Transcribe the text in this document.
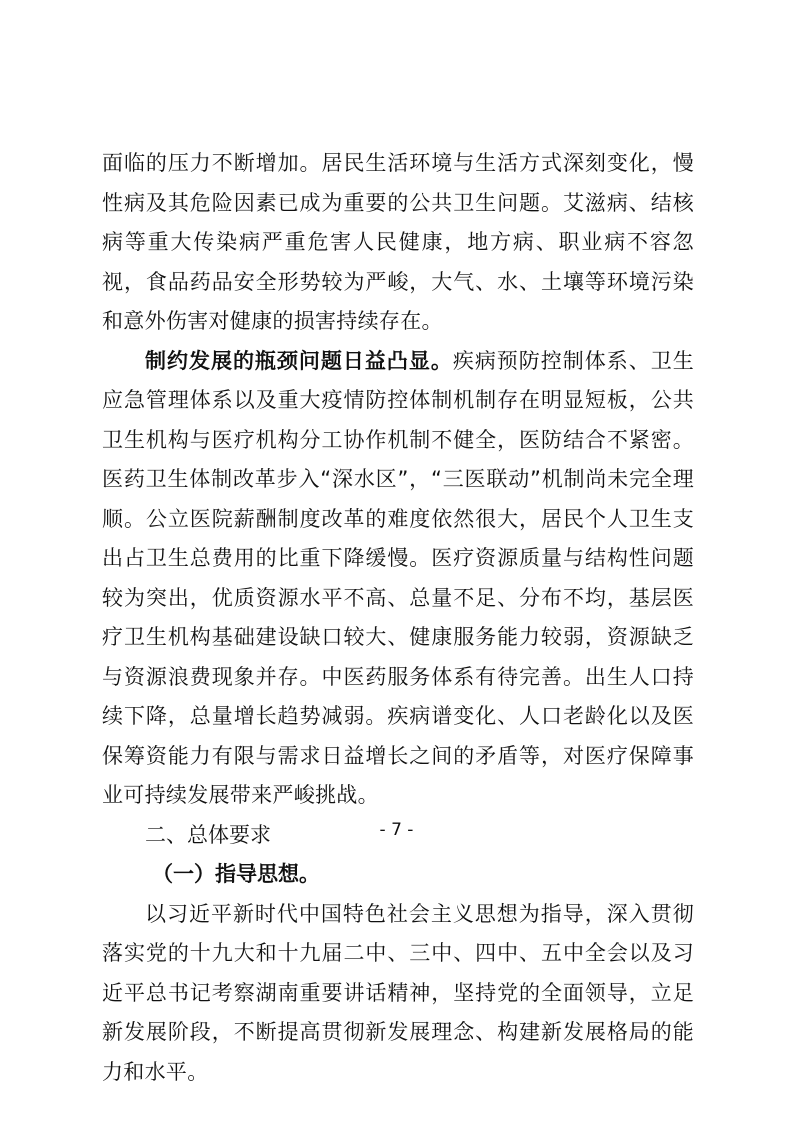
面临的压力不断增加。居民生活环境与生活方式深刻变化，慢性病及其危险因素已成为重要的公共卫生问题。艾滋病、结核病等重大传染病严重危害人民健康，地方病、职业病不容忽视，食品药品安全形势较为严峻，大气、水、土壤等环境污染和意外伤害对健康的损害持续存在。

制约发展的瓶颈问题日益凸显。疾病预防控制体系、卫生应急管理体系以及重大疫情防控体制机制存在明显短板，公共卫生机构与医疗机构分工协作机制不健全，医防结合不紧密。医药卫生体制改革步入“深水区”，“三医联动”机制尚未完全理顺。公立医院薪酬制度改革的难度依然很大，居民个人卫生支出占卫生总费用的比重下降缓慢。医疗资源质量与结构性问题较为突出，优质资源水平不高、总量不足、分布不均，基层医疗卫生机构基础建设缺口较大、健康服务能力较弱，资源缺乏与资源浪费现象并存。中医药服务体系有待完善。出生人口持续下降，总量增长趋势减弱。疾病谱变化、人口老龄化以及医保筹资能力有限与需求日益增长之间的矛盾等，对医疗保障事业可持续发展带来严峻挑战。

二、总体要求

（一）指导思想。

以习近平新时代中国特色社会主义思想为指导，深入贯彻落实党的十九大和十九届二中、三中、四中、五中全会以及习近平总书记考察湖南重要讲话精神，坚持党的全面领导，立足新发展阶段，不断提高贯彻新发展理念、构建新发展格局的能力和水平。

- 7 -
